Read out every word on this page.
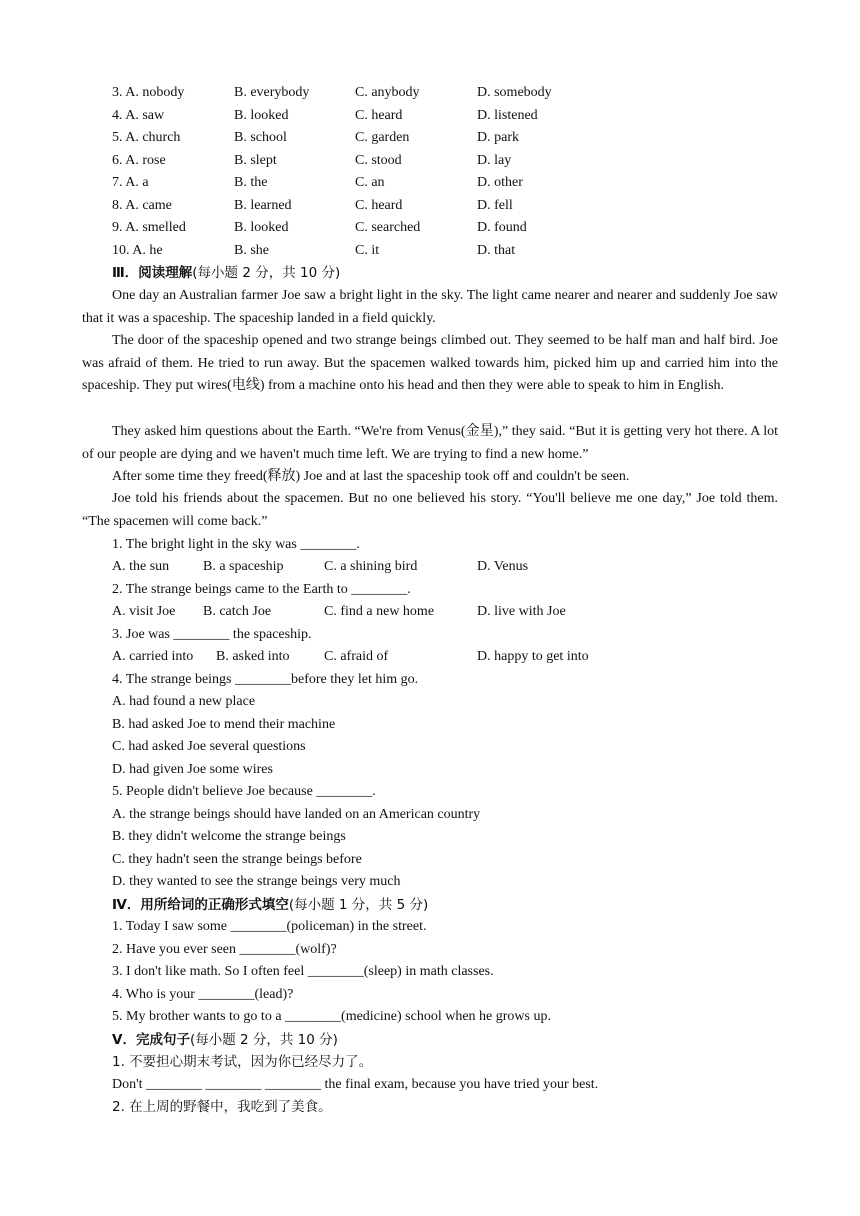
3. A. nobody	B. everybody	C. anybody	D. somebody
4. A. saw	B. looked	C. heard	D. listened
5. A. church	B. school	C. garden	D. park
6. A. rose	B. slept	C. stood	D. lay
7. A. a	B. the	C. an	D. other
8. A. came	B. learned	C. heard	D. fell
9. A. smelled	B. looked	C. searched	D. found
10. A. he	B. she	C. it	D. that
Ⅲ．阅读理解(每小题 2 分，共 10 分)
One day an Australian farmer Joe saw a bright light in the sky. The light came nearer and nearer and suddenly Joe saw that it was a spaceship. The spaceship landed in a field quickly.
The door of the spaceship opened and two strange beings climbed out. They seemed to be half man and half bird. Joe was afraid of them. He tried to run away. But the spacemen walked towards him, picked him up and carried him into the spaceship. They put wires(电线) from a machine onto his head and then they were able to speak to him in English.
They asked him questions about the Earth. “We're from Venus(金星),” they said. “But it is getting very hot there. A lot of our people are dying and we haven't much time left. We are trying to find a new home.”
After some time they freed(释放) Joe and at last the spaceship took off and couldn't be seen.
Joe told his friends about the spacemen. But no one believed his story. “You'll believe me one day,” Joe told them. “The spacemen will come back.”
1. The bright light in the sky was ________.
A. the sun B. a spaceship	C. a shining bird	D. Venus
2. The strange beings came to the Earth to ________.
A. visit Joe B. catch Joe	C. find a new home	D. live with Joe
3. Joe was ________ the spaceship.
A. carried into B. asked into C. afraid of	D. happy to get into
4. The strange beings ________before they let him go.
A. had found a new place
B. had asked Joe to mend their machine
C. had asked Joe several questions
D. had given Joe some wires
5. People didn't believe Joe because ________.
A. the strange beings should have landed on an American country
B. they didn't welcome the strange beings
C. they hadn't seen the strange beings before
D. they wanted to see the strange beings very much
Ⅳ．用所给词的正确形式填空(每小题 1 分，共 5 分)
1. Today I saw some ________(policeman) in the street.
2. Have you ever seen ________(wolf)?
3. I don't like math. So I often feel ________(sleep) in math classes.
4. Who is your ________(lead)?
5. My brother wants to go to a ________(medicine) school when he grows up.
Ⅴ．完成句子(每小题 2 分，共 10 分)
1. 不要担心期末考试，因为你已经尽力了。
Don't ________ ________ ________ the final exam, because you have tried your best.
2. 在上周的野餐中，我吃到了美食。
